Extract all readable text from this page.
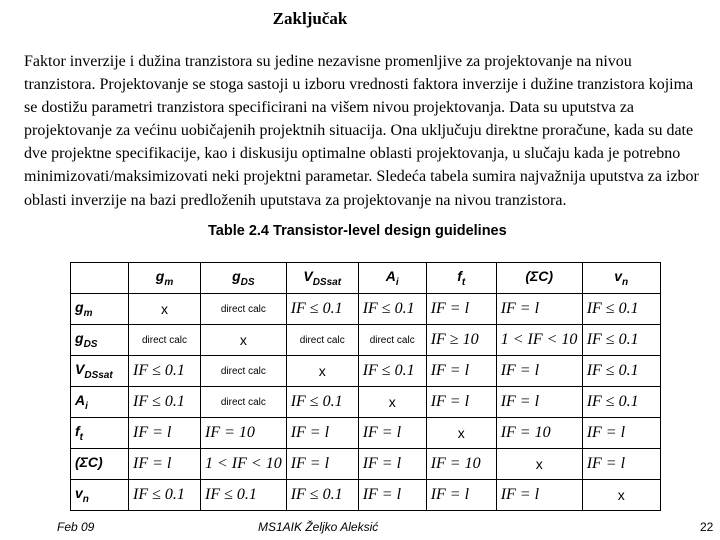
Zaključak
Faktor inverzije i dužina tranzistora su jedine nezavisne promenljive za projektovanje na nivou tranzistora. Projektovanje se stoga sastoji u izboru vrednosti faktora inverzije i dužine tranzistora kojima se dostižu parametri tranzistora specificirani na višem nivou projektovanja. Data su uputstva za projektovanje za većinu uobičajenih projektnih situacija. Ona uključuju direktne proračune, kada su date dve projektne specifikacije, kao i diskusiju optimalne oblasti projektovanja, u slučaju kada je potrebno minimizovati/maksimizovati neki projektni parametar. Sledeća tabela sumira najvažnija uputstva za izbor oblasti inverzije na bazi predloženih uputstava za projektovanje na nivou tranzistora.
Table 2.4 Transistor-level design guidelines
	$g_m$	$g_{DS}$	$V_{DSsat}$	$A_i$	$f_t$	(ΣC)	$v_n$
$g_m$	x	direct calc	IF ≤ 0.1	IF ≤ 0.1	IF = l	IF = l	IF ≤ 0.1
$g_{DS}$	direct calc	x	direct calc	direct calc	IF ≥ 10	1 < IF < 10	IF ≤ 0.1
$V_{DSsat}$	IF ≤ 0.1	direct calc	x	IF ≤ 0.1	IF = l	IF = l	IF ≤ 0.1
$A_i$	IF ≤ 0.1	direct calc	IF ≤ 0.1	x	IF = l	IF = l	IF ≤ 0.1
$f_t$	IF = l	IF = 10	IF = l	IF = l	x	IF = 10	IF = l
(ΣC)	IF = l	1 < IF < 10	IF = l	IF = l	IF = 10	x	IF = l
$v_n$	IF ≤ 0.1	IF ≤ 0.1	IF ≤ 0.1	IF = l	IF = l	IF = l	x
Feb 09	MS1AIK Željko Aleksić	22
